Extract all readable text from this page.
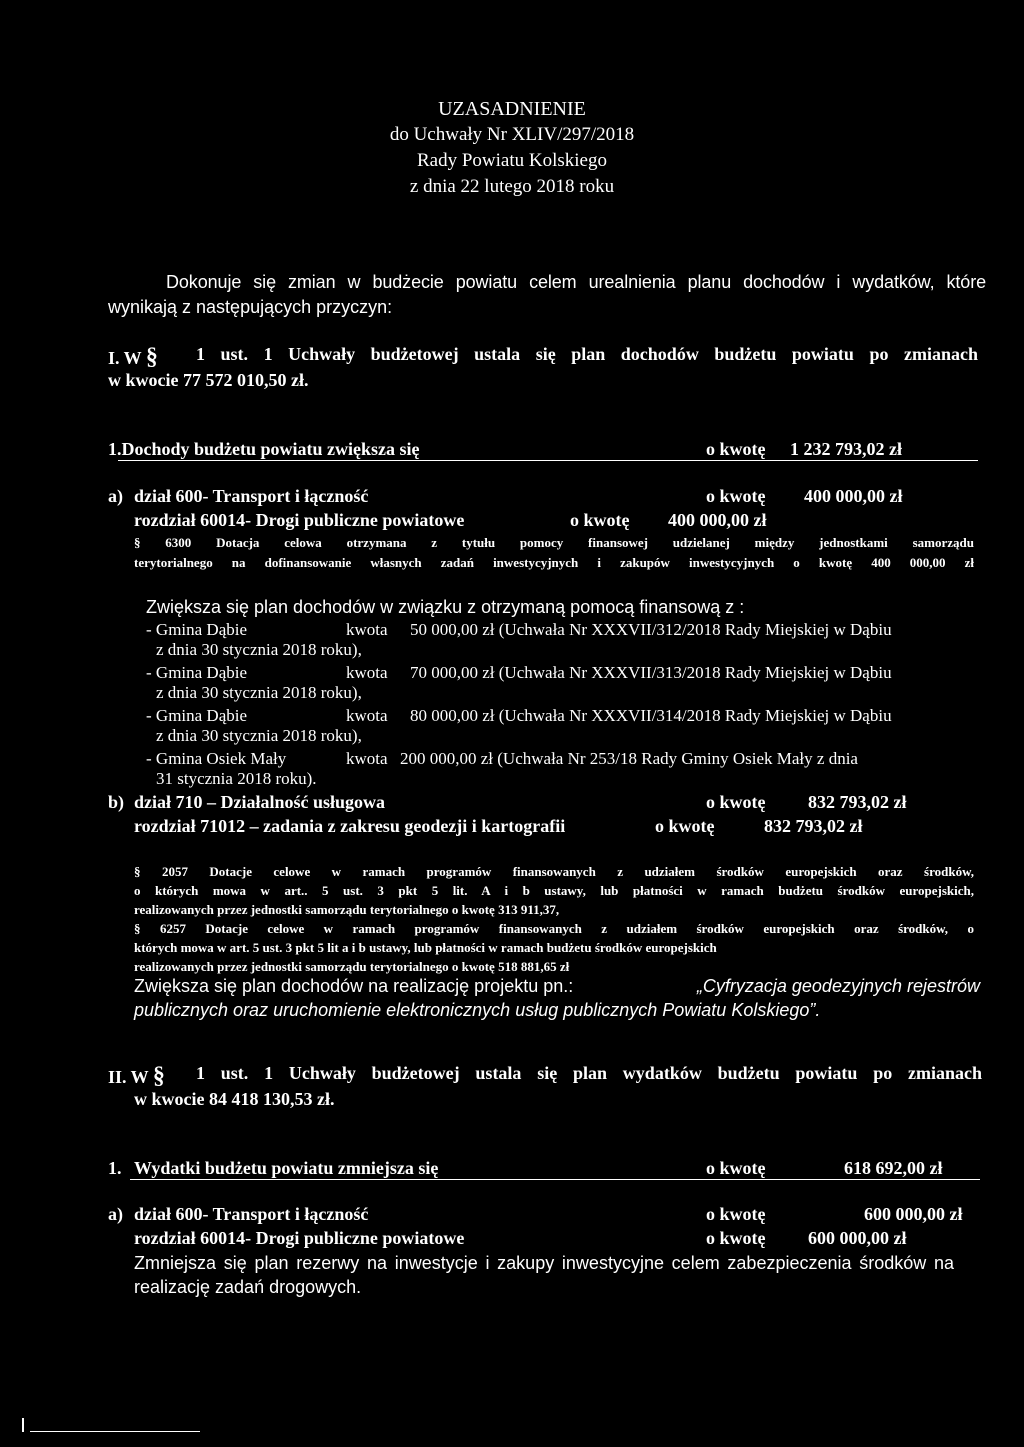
UZASADNIENIE
do Uchwały Nr XLIV/297/2018
Rady Powiatu Kolskiego
z dnia 22 lutego 2018 roku
Dokonuje się zmian w budżecie powiatu celem urealnienia planu dochodów i wydatków, które
wynikają z następujących przyczyn:
I. W § 1 ust. 1 Uchwały budżetowej ustala się plan dochodów budżetu powiatu po zmianach
w kwocie 77 572 010,50 zł.
1.Dochody budżetu powiatu zwiększa się	o kwotę 1 232 793,02 zł
a) dział 600- Transport i łączność	o kwotę 400 000,00 zł
rozdział 60014- Drogi publiczne powiatowe	o kwotę 400 000,00 zł
§ 6300 Dotacja celowa otrzymana z tytułu pomocy finansowej udzielanej między jednostkami samorządu
terytorialnego na dofinansowanie własnych zadań inwestycyjnych i zakupów inwestycyjnych o kwotę 400 000,00 zł
Zwiększa się plan dochodów w związku z otrzymaną pomocą finansową z :
- Gmina Dąbie	kwota 50 000,00 zł (Uchwała Nr XXXVII/312/2018 Rady Miejskiej w Dąbiu
z dnia 30 stycznia 2018 roku),
- Gmina Dąbie	kwota 70 000,00 zł (Uchwała Nr XXXVII/313/2018 Rady Miejskiej w Dąbiu
z dnia 30 stycznia 2018 roku),
- Gmina Dąbie	kwota 80 000,00 zł (Uchwała Nr XXXVII/314/2018 Rady Miejskiej w Dąbiu
z dnia 30 stycznia 2018 roku),
- Gmina Osiek Mały	kwota 200 000,00 zł (Uchwała Nr 253/18 Rady Gminy Osiek Mały z dnia
31 stycznia 2018 roku).
b) dział 710 – Działalność usługowa	o kwotę 832 793,02 zł
rozdział 71012 – zadania z zakresu geodezji i kartografii	o kwotę	832 793,02 zł
§ 2057 Dotacje celowe w ramach programów finansowanych z udziałem środków europejskich oraz środków,
o których mowa w art.. 5 ust. 3 pkt 5 lit. A i b ustawy, lub płatności w ramach budżetu środków europejskich,
realizowanych przez jednostki samorządu terytorialnego o kwotę 313 911,37,
§ 6257 Dotacje celowe w ramach programów finansowanych z udziałem środków europejskich oraz środków, o
których mowa w art. 5 ust. 3 pkt 5 lit a i b ustawy, lub płatności w ramach budżetu środków europejskich
realizowanych przez jednostki samorządu terytorialnego o kwotę 518 881,65 zł
Zwiększa się plan dochodów na realizację projektu pn.:	„Cyfryzacja geodezyjnych rejestrów
publicznych oraz uruchomienie elektronicznych usług publicznych Powiatu Kolskiego”.
II. W § 1 ust. 1 Uchwały budżetowej ustala się plan wydatków budżetu powiatu po zmianach
w kwocie 84 418 130,53 zł.
1. Wydatki budżetu powiatu zmniejsza się	o kwotę	618 692,00 zł
a) dział 600- Transport i łączność	o kwotę	600 000,00 zł
rozdział 60014- Drogi publiczne powiatowe	o kwotę 600 000,00 zł
Zmniejsza się plan rezerwy na inwestycje i zakupy inwestycyjne celem zabezpieczenia środków na
realizację zadań drogowych.
